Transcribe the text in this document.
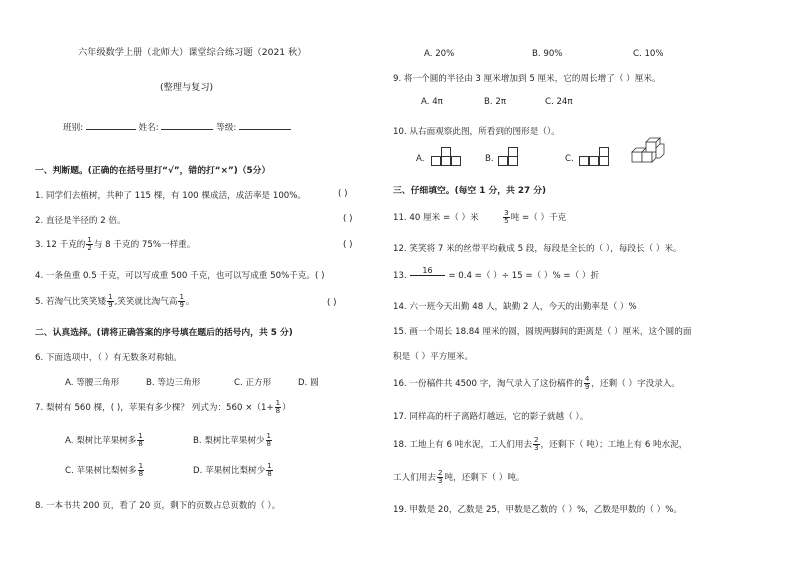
六年级数学上册（北师大）课堂综合练习题（2021 秋）
(整理与复习)
班别:	姓名:	等级:
一、判断题。(正确的在括号里打“√”，错的打“×”)（5分）
1. 同学们去植树，共种了 115 棵，有 100 棵成活，成活率是 100%。	( )
2. 直径是半径的 2 倍。	( )
3. 12 千克的 $\frac{1}{2}$ 与 8 千克的 75%一样重。	( )
4. 一条鱼重 0.5 千克，可以写成重 500 千克，也可以写成重 50%千克。( )
5. 若淘气比笑笑矮 $\frac{1}{9}$ ,笑笑就比淘气高 $\frac{1}{9}$ 。	( )
二、认真选择。(请将正确答案的序号填在题后的括号内，共 5 分)
6. 下面选项中，（ ）有无数条对称轴。
A. 等腰三角形	B. 等边三角形	C. 正方形	D. 圆
7. 梨树有 560 棵，( )，苹果有多少棵？ 列式为：$560 \times(1+ \frac{1}{8}$ ）
A. 梨树比苹果树多 $\frac{1}{8}$	B. 梨树比苹果树少 $\frac{1}{8}$
C. 苹果树比梨树多 $\frac{1}{8}$	D. 苹果树比梨树少 $\frac{1}{8}$
8. 一本书共 200 页，看了 20 页，剩下的页数占总页数的（ ）。
A. 20%	B. 90%	C. 10%
9. 将一个圆的半径由 3 厘米增加到 5 厘米，它的周长增了（ ）厘米。
A. 4π	B. 2π	C. 24π
10. 从右面观察此图，所看到的图形是（）。
A.	B.	C.
三、仔细填空。(每空 1 分，共 27 分)
11. 40 厘米 =（ ）米	$\frac{3}{5}$ 吨 =（ ）千克
12. 笑笑将 7 米的丝带平均截成 5 段，每段是全长的（ ），每段长（ ）米。
13. $\frac{16}{0} = 0.4$ =（ ）÷ 15 =（ ）% =（ ）折
14. 六一班今天出勤 48 人，缺勤 2 人，今天的出勤率是（ ）%
15. 画一个周长 18.84 厘米的圆，圆规两脚间的距离是（ ）厘米，这个圆的面
积是（ ）平方厘米。
16. 一份稿件共 4500 字，淘气录入了这份稿件的 $\frac{4}{9}$ ，还剩（ ）字没录入。
17. 同样高的杆子离路灯越远，它的影子就越（ ）。
18. 工地上有 6 吨水泥，工人们用去 $\frac{2}{3}$ ，还剩下（ 吨）；工地上有 6 吨水泥，
工人们用去 $\frac{2}{3}$ 吨，还剩下（ ）吨。
19. 甲数是 20，乙数是 25，甲数是乙数的（ ）%，乙数是甲数的（ ）%。
